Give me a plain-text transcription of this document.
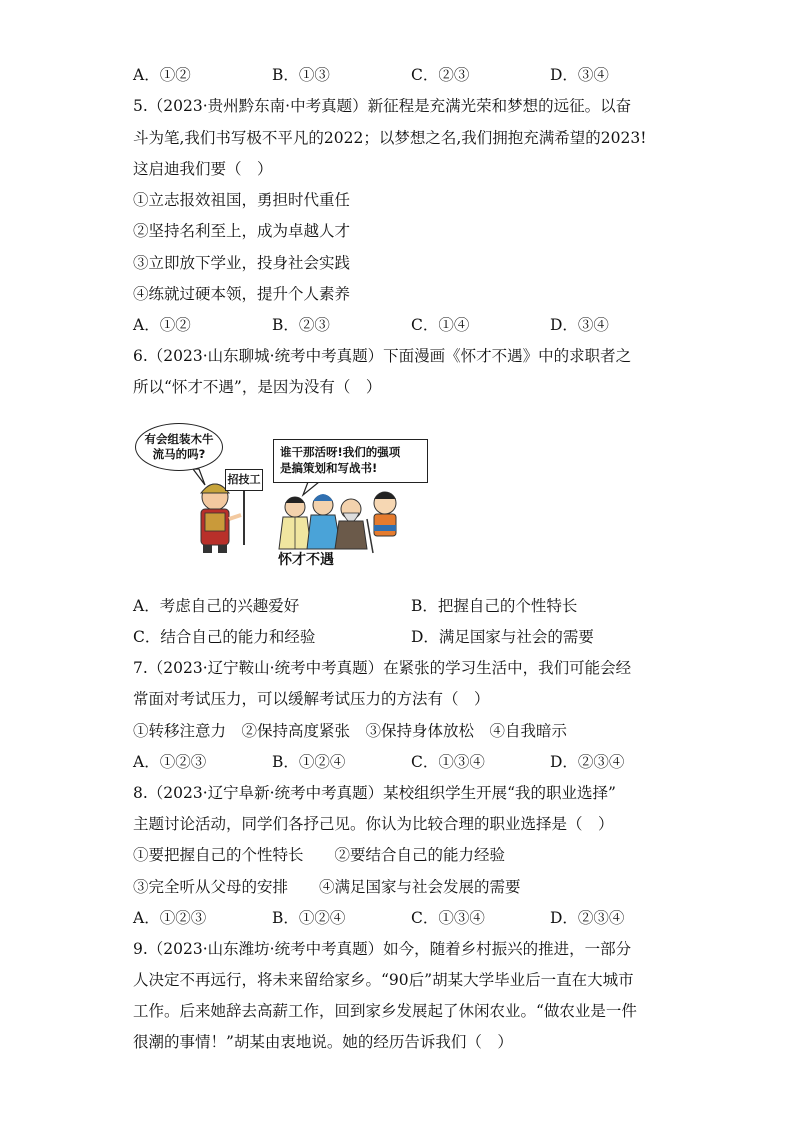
A．①②	B．①③	C．②③	D．③④
5.（2023·贵州黔东南·中考真题）新征程是充满光荣和梦想的远征。以奋
斗为笔,我们书写极不平凡的2022；以梦想之名,我们拥抱充满希望的2023!
这启迪我们要（　）
①立志报效祖国，勇担时代重任
②坚持名利至上，成为卓越人才
③立即放下学业，投身社会实践
④练就过硬本领，提升个人素养
A．①②	B．②③	C．①④	D．③④
6.（2023·山东聊城·统考中考真题）下面漫画《怀才不遇》中的求职者之
所以“怀才不遇”，是因为没有（　）
有会组装木牛
流马的吗?	谁干那活呀!我们的强项
是搞策划和写战书!
招技工
怀才不遇
A．考虑自己的兴趣爱好	B．把握自己的个性特长
C．结合自己的能力和经验	D．满足国家与社会的需要
7.（2023·辽宁鞍山·统考中考真题）在紧张的学习生活中，我们可能会经
常面对考试压力，可以缓解考试压力的方法有（　）
①转移注意力　②保持高度紧张　③保持身体放松　④自我暗示
A．①②③	B．①②④	C．①③④	D．②③④
8.（2023·辽宁阜新·统考中考真题）某校组织学生开展“我的职业选择”
主题讨论活动，同学们各抒己见。你认为比较合理的职业选择是（　）
①要把握自己的个性特长　　②要结合自己的能力经验
③完全听从父母的安排　　④满足国家与社会发展的需要
A．①②③	B．①②④	C．①③④	D．②③④
9.（2023·山东潍坊·统考中考真题）如今，随着乡村振兴的推进，一部分
人决定不再远行，将未来留给家乡。“90后”胡某大学毕业后一直在大城市
工作。后来她辞去高薪工作，回到家乡发展起了休闲农业。“做农业是一件
很潮的事情！”胡某由衷地说。她的经历告诉我们（　）
